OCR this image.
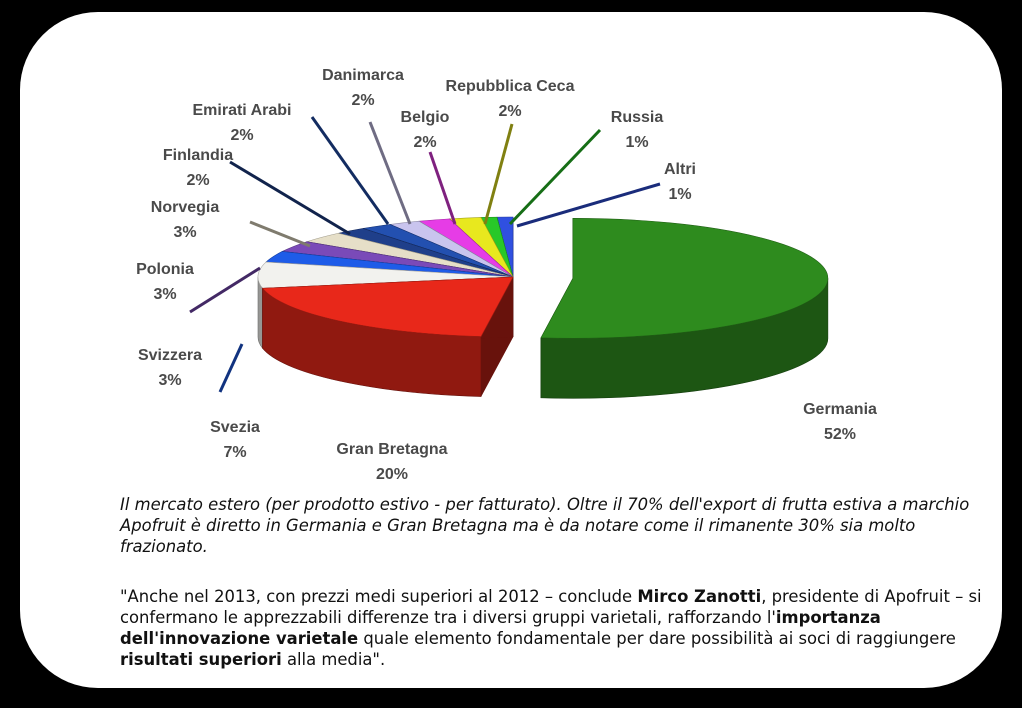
Germania
52%
Gran Bretagna
20%
Svezia
7%
Svizzera
3%
Polonia
3%
Norvegia
3%
Finlandia
2%
Emirati Arabi
2%
Danimarca
2%
Belgio
2%
Repubblica Ceca
2%	Russia
1%
Altri
1%
Il mercato estero (per prodotto estivo - per fatturato). Oltre il 70% dell'export di frutta estiva a marchio Apofruit è diretto in Germania e Gran Bretagna ma è da notare come il rimanente 30% sia molto frazionato.
"Anche nel 2013, con prezzi medi superiori al 2012 – conclude Mirco Zanotti, presidente di Apofruit – si confermano le apprezzabili differenze tra i diversi gruppi varietali, rafforzando l'importanza dell'innovazione varietale quale elemento fondamentale per dare possibilità ai soci di raggiungere risultati superiori alla media".
